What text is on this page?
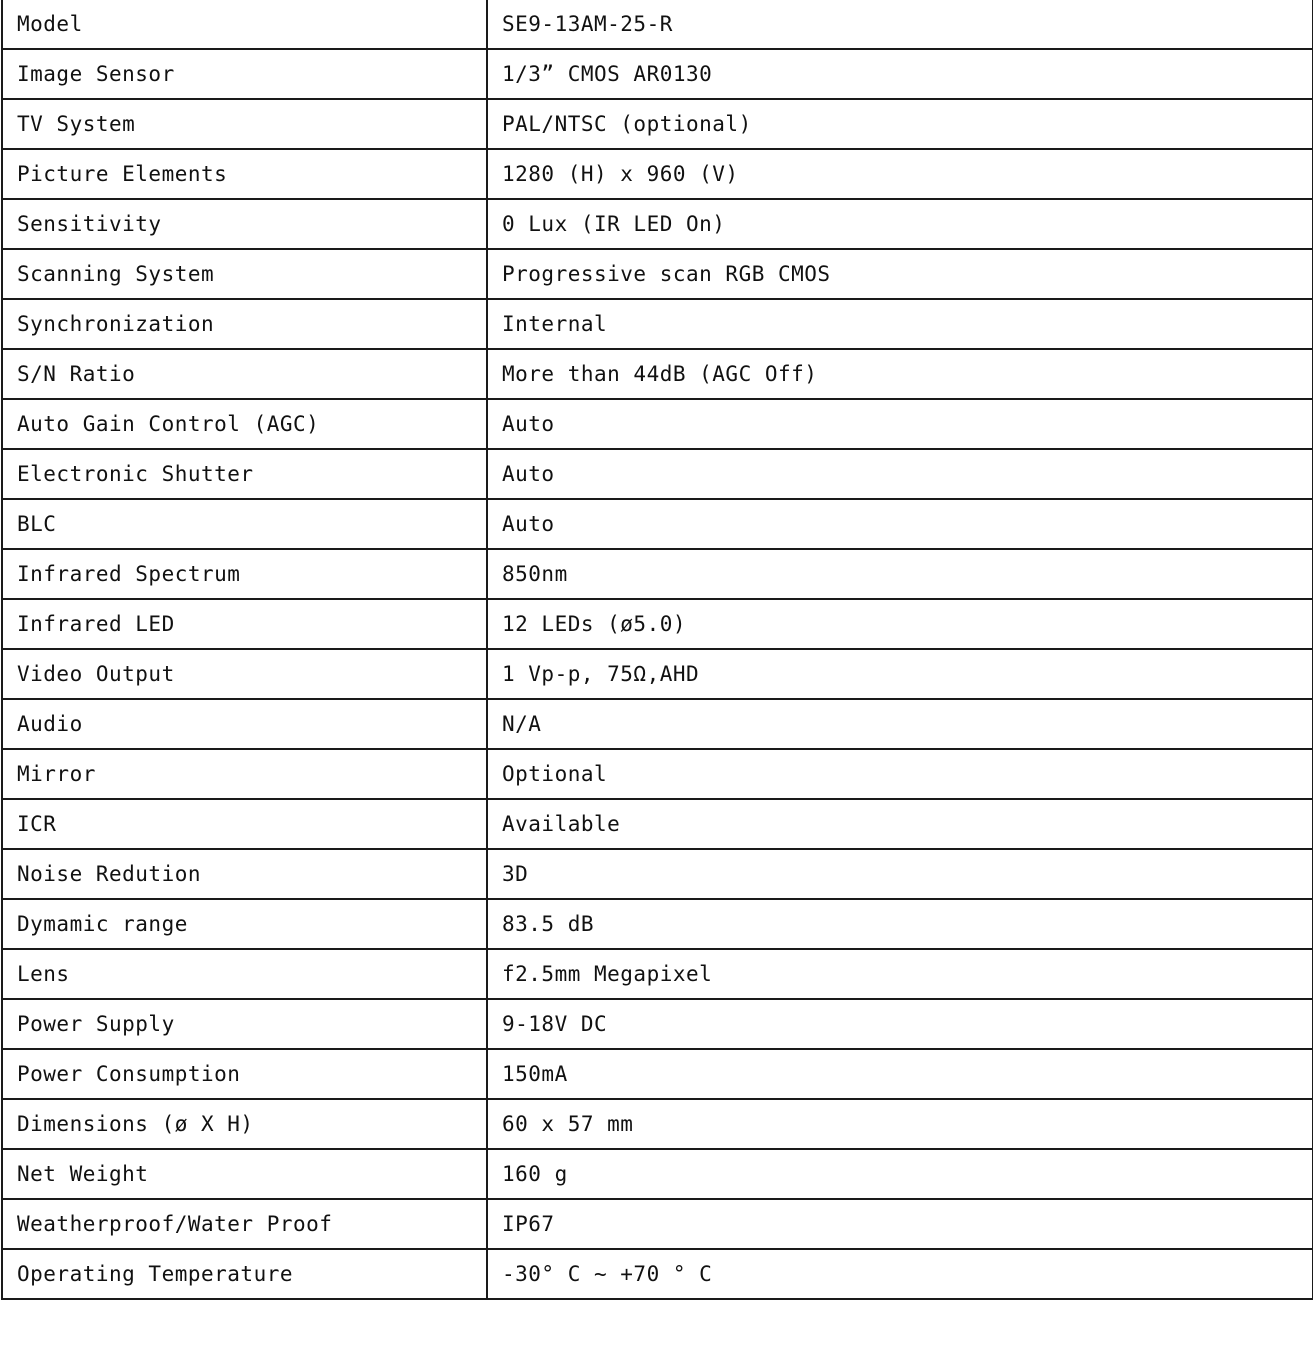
Model	SE9-13AM-25-R
Image Sensor	1/3” CMOS AR0130
TV System	PAL/NTSC (optional)
Picture Elements	1280 (H) x 960 (V)
Sensitivity	0 Lux (IR LED On)
Scanning System	Progressive scan RGB CMOS
Synchronization	Internal
S/N Ratio	More than 44dB (AGC Off)
Auto Gain Control (AGC)	Auto
Electronic Shutter	Auto
BLC	Auto
Infrared Spectrum	850nm
Infrared LED	12 LEDs (ø5.0)
Video Output	1 Vp-p, 75Ω,AHD
Audio	N/A
Mirror	Optional
ICR	Available
Noise Redution	3D
Dymamic range	83.5 dB
Lens	f2.5mm Megapixel
Power Supply	9-18V DC
Power Consumption	150mA
Dimensions (ø X H)	60 x 57 mm
Net Weight	160 g
Weatherproof/Water Proof	IP67
Operating Temperature	-30° C ~ +70 ° C
